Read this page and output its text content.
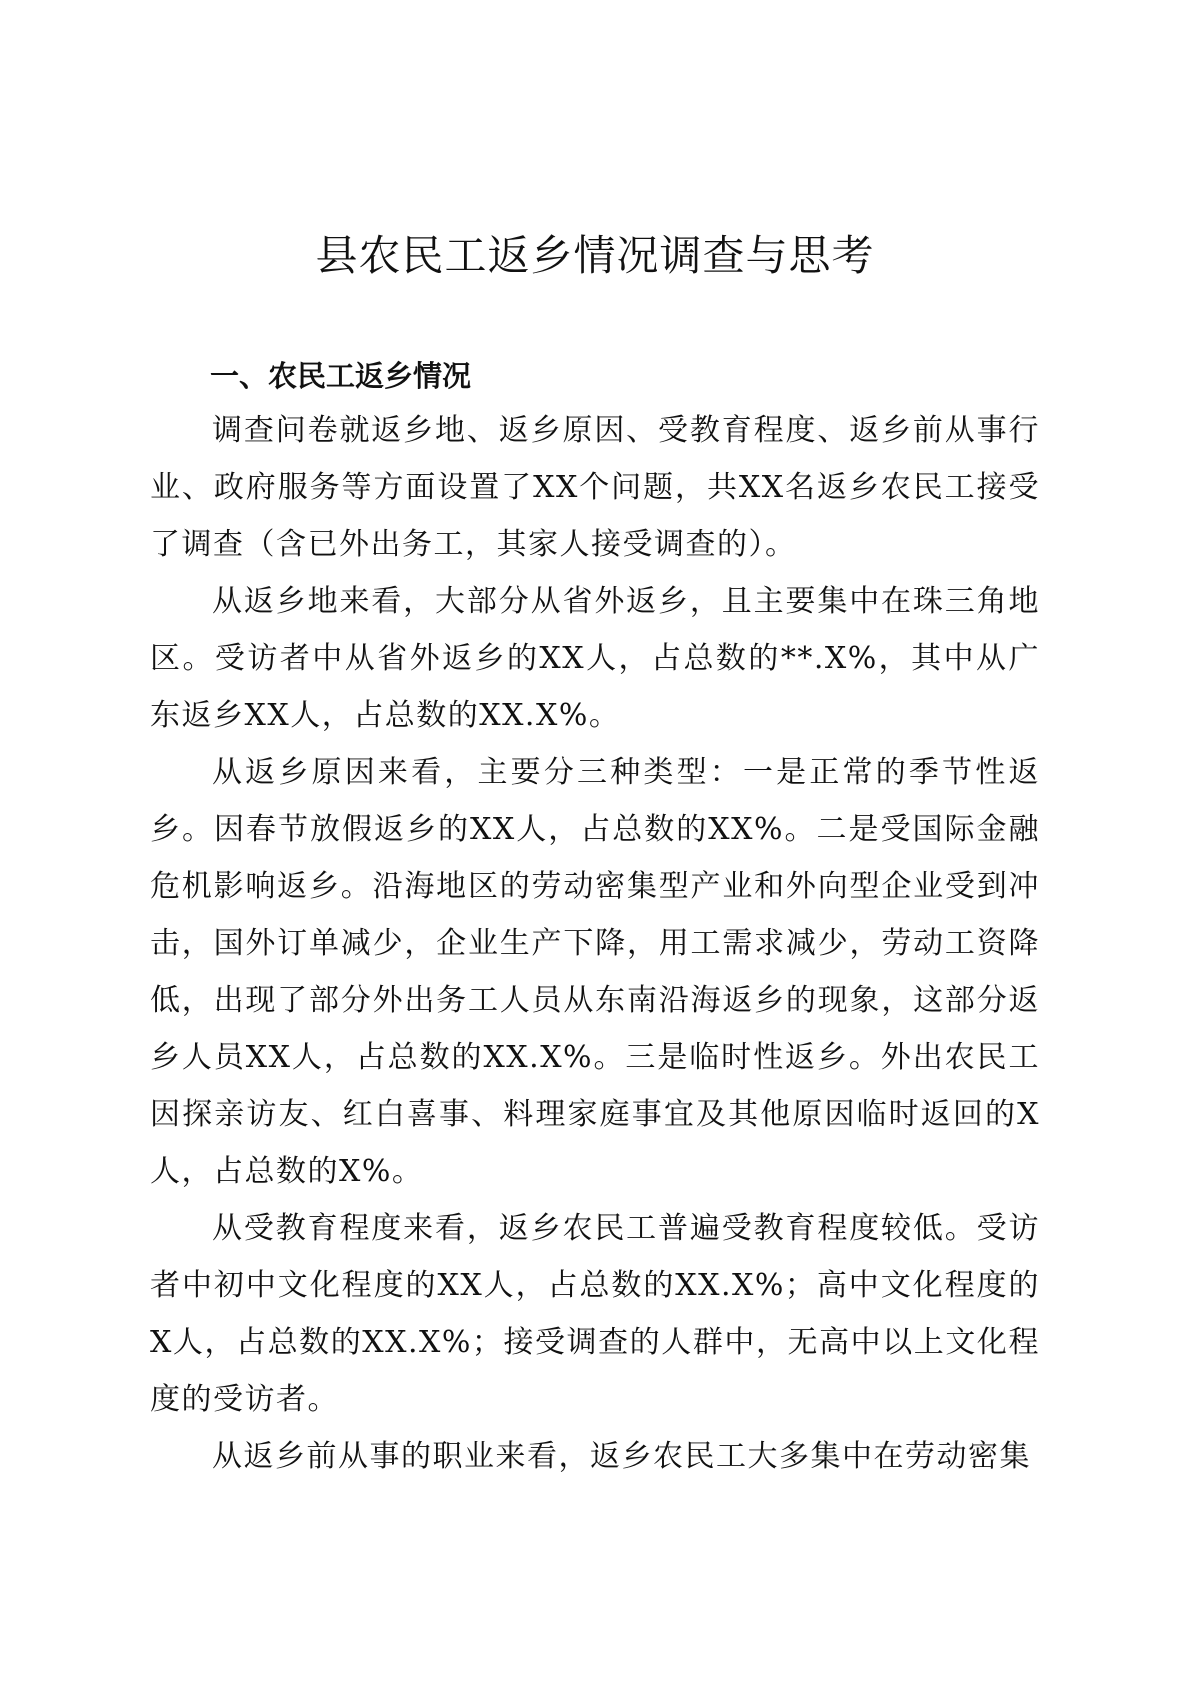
县农民工返乡情况调查与思考
一、农民工返乡情况

调查问卷就返乡地、返乡原因、受教育程度、返乡前从事行业、政府服务等方面设置了XX个问题，共XX名返乡农民工接受了调查（含已外出务工，其家人接受调查的）。

从返乡地来看，大部分从省外返乡，且主要集中在珠三角地区。受访者中从省外返乡的XX人，占总数的**.X%，其中从广东返乡XX人，占总数的XX.X%。

从返乡原因来看，主要分三种类型：一是正常的季节性返乡。因春节放假返乡的XX人，占总数的XX%。二是受国际金融危机影响返乡。沿海地区的劳动密集型产业和外向型企业受到冲击，国外订单减少，企业生产下降，用工需求减少，劳动工资降低，出现了部分外出务工人员从东南沿海返乡的现象，这部分返乡人员XX人，占总数的XX.X%。三是临时性返乡。外出农民工因探亲访友、红白喜事、料理家庭事宜及其他原因临时返回的X人，占总数的X%。

从受教育程度来看，返乡农民工普遍受教育程度较低。受访者中初中文化程度的XX人，占总数的XX.X%；高中文化程度的X人，占总数的XX.X%；接受调查的人群中，无高中以上文化程度的受访者。

从返乡前从事的职业来看，返乡农民工大多集中在劳动密集
